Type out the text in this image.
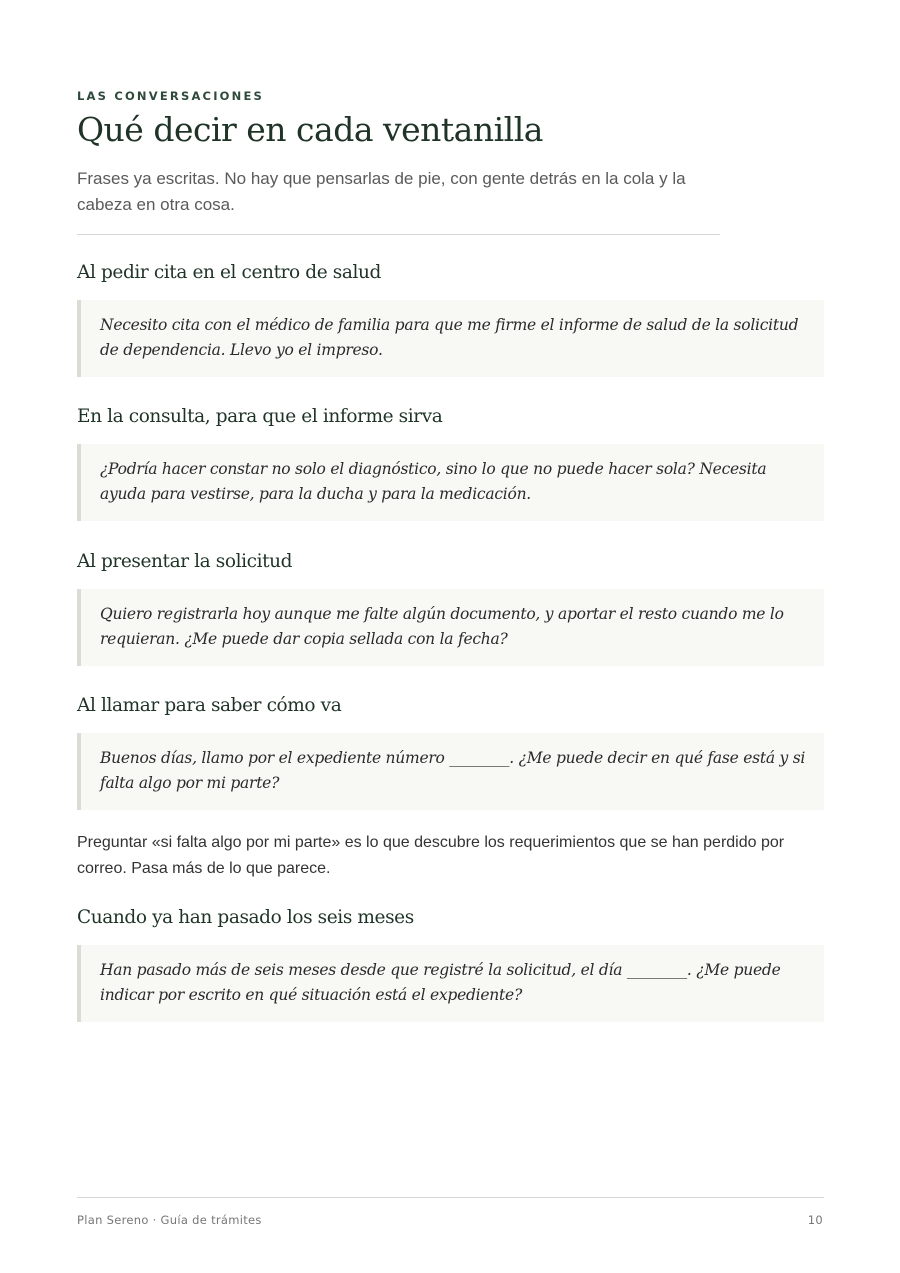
LAS CONVERSACIONES
Qué decir en cada ventanilla

Frases ya escritas. No hay que pensarlas de pie, con gente detrás en la cola y la cabeza en otra cosa.

Al pedir cita en el centro de salud
Necesito cita con el médico de familia para que me firme el informe de salud de la solicitud de dependencia. Llevo yo el impreso.
En la consulta, para que el informe sirva
¿Podría hacer constar no solo el diagnóstico, sino lo que no puede hacer sola? Necesita ayuda para vestirse, para la ducha y para la medicación.
Al presentar la solicitud
Quiero registrarla hoy aunque me falte algún documento, y aportar el resto cuando me lo requieran. ¿Me puede dar copia sellada con la fecha?
Al llamar para saber cómo va
Buenos días, llamo por el expediente número ________. ¿Me puede decir en qué fase está y si falta algo por mi parte?

Preguntar «si falta algo por mi parte» es lo que descubre los requerimientos que se han perdido por correo. Pasa más de lo que parece.

Cuando ya han pasado los seis meses
Han pasado más de seis meses desde que registré la solicitud, el día ________. ¿Me puede indicar por escrito en qué situación está el expediente?
Plan Sereno · Guía de trámites	10
